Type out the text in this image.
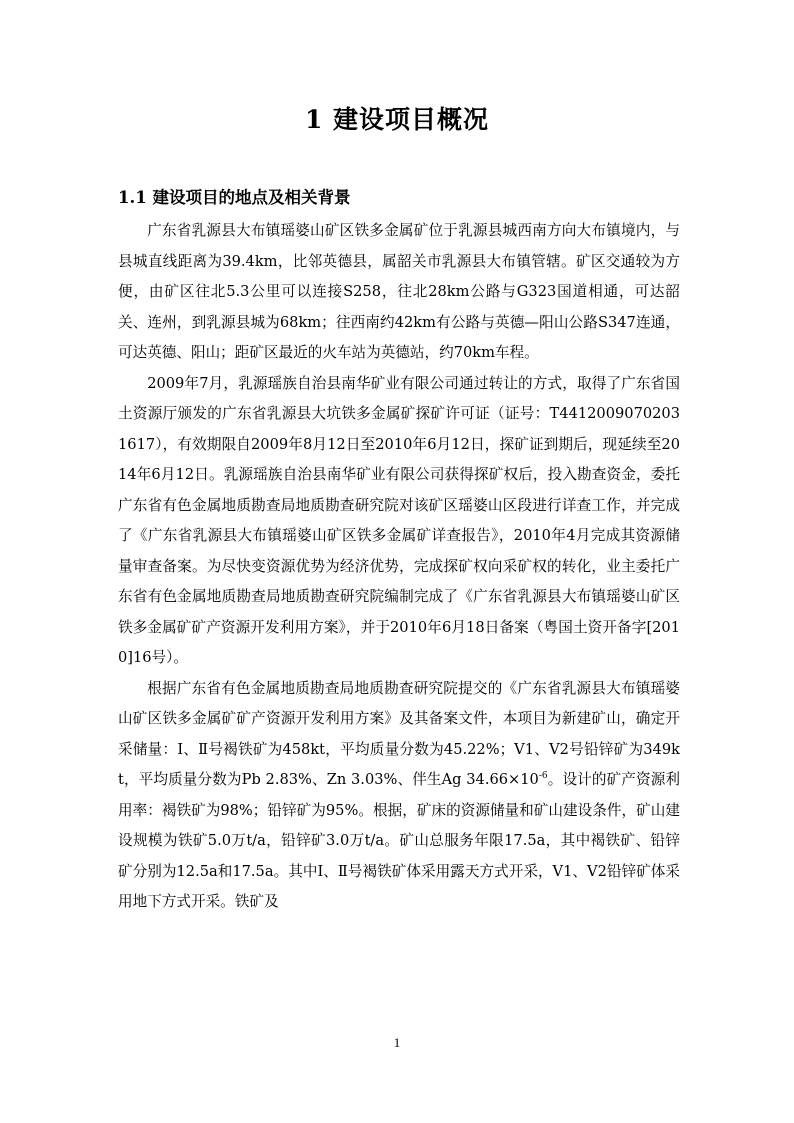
1 建设项目概况
1.1 建设项目的地点及相关背景

广东省乳源县大布镇瑶婆山矿区铁多金属矿位于乳源县城西南方向大布镇境内，与县城直线距离为39.4km，比邻英德县，属韶关市乳源县大布镇管辖。矿区交通较为方便，由矿区往北5.3公里可以连接S258，往北28km公路与G323国道相通，可达韶关、连州，到乳源县城为68km；往西南约42km有公路与英德—阳山公路S347连通，可达英德、阳山；距矿区最近的火车站为英德站，约70km车程。

2009年7月，乳源瑶族自治县南华矿业有限公司通过转让的方式，取得了广东省国土资源厅颁发的广东省乳源县大坑铁多金属矿探矿许可证（证号：T44120090702031617），有效期限自2009年8月12日至2010年6月12日，探矿证到期后，现延续至2014年6月12日。乳源瑶族自治县南华矿业有限公司获得探矿权后，投入勘查资金，委托广东省有色金属地质勘查局地质勘查研究院对该矿区瑶婆山区段进行详查工作，并完成了《广东省乳源县大布镇瑶婆山矿区铁多金属矿详查报告》，2010年4月完成其资源储量审查备案。为尽快变资源优势为经济优势，完成探矿权向采矿权的转化，业主委托广东省有色金属地质勘查局地质勘查研究院编制完成了《广东省乳源县大布镇瑶婆山矿区铁多金属矿矿产资源开发利用方案》，并于2010年6月18日备案（粤国土资开备字[2010]16号）。

根据广东省有色金属地质勘查局地质勘查研究院提交的《广东省乳源县大布镇瑶婆山矿区铁多金属矿矿产资源开发利用方案》及其备案文件，本项目为新建矿山，确定开采储量：Ⅰ、Ⅱ号褐铁矿为458kt，平均质量分数为45.22%；V1、V2号铅锌矿为349kt，平均质量分数为Pb 2.83%、Zn 3.03%、伴生Ag $34.66\times 10^{-6}$。设计的矿产资源利用率：褐铁矿为98%；铅锌矿为95%。根据，矿床的资源储量和矿山建设条件，矿山建设规模为铁矿5.0万t/a，铅锌矿3.0万t/a。矿山总服务年限17.5a，其中褐铁矿、铅锌矿分别为12.5a和17.5a。其中Ⅰ、Ⅱ号褐铁矿体采用露天方式开采，V1、V2铅锌矿体采用地下方式开采。铁矿及

1
